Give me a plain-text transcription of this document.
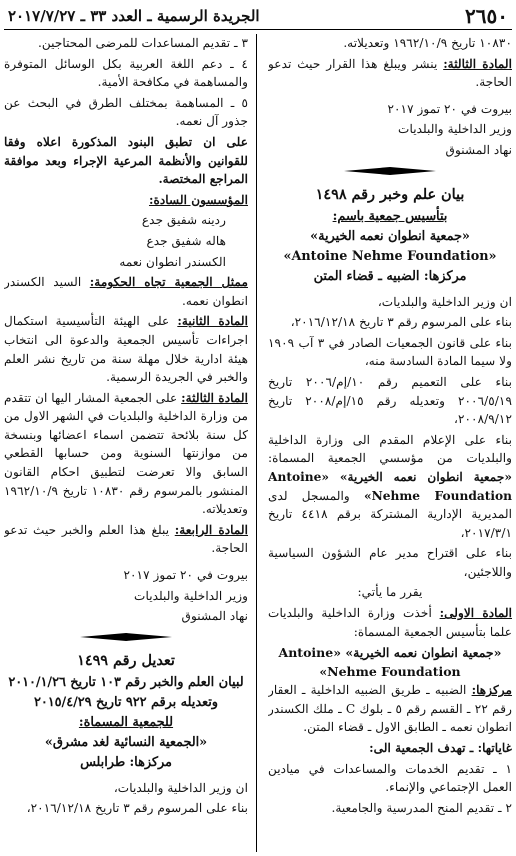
٢٦٥٠
الجريدة الرسمية ـ العدد ٣٣ ـ ٢٠١٧/٧/٢٧

١٠٨٣٠ تاريخ ١٩٦٢/١٠/٩ وتعديلاته.

المادة الثالثة: ينشر ويبلغ هذا القرار حيث تدعو الحاجة.

بيروت في ٢٠ تموز ٢٠١٧

وزير الداخلية والبلديات

نهاد المشنوق

بيان علم وخبر رقم ١٤٩٨
بتأسيس جمعية باسم:
«جمعية انطوان نعمه الخيرية»
«Antoine Nehme Foundation»
مركزها: الضبيه ـ قضاء المتن

ان وزير الداخلية والبلديات،

بناء على المرسوم رقم ٣ تاريخ ٢٠١٦/١٢/١٨،

بناء على قانون الجمعيات الصادر في ٣ آب ١٩٠٩ ولا سيما المادة السادسة منه،

بناء على التعميم رقم ١٠/إم/٢٠٠٦ تاريخ ٢٠٠٦/٥/١٩ وتعديله رقم ١٥/إم/٢٠٠٨ تاريخ ٢٠٠٨/٩/١٢،

بناء على الإعلام المقدم الى وزارة الداخلية والبلديات من مؤسسي الجمعية المسماة: «جمعية انطوان نعمه الخيرية» «Antoine Nehme Foundation» والمسجل لدى المديرية الإدارية المشتركة برقم ٤٤١٨ تاريخ ٢٠١٧/٣/١،

بناء على اقتراح مدير عام الشؤون السياسية واللاجئين،

يقرر ما يأتي:

المادة الاولى: أخذت وزارة الداخلية والبلديات علما بتأسيس الجمعية المسماة:

«جمعية انطوان نعمه الخيرية» «Antoine
Nehme Foundation»

مركزها: الضبيه ـ طريق الضبيه الداخلية ـ العقار رقم ٢٢ ـ القسم رقم ٥ ـ بلوك C ـ ملك الكسندر انطوان نعمه ـ الطابق الاول ـ قضاء المتن.

غاياتها: ـ تهدف الجمعية الى:

١ ـ تقديم الخدمات والمساعدات في ميادين العمل الإجتماعي والإنماء.

٢ ـ تقديم المنح المدرسية والجامعية.

٣ ـ تقديم المساعدات للمرضى المحتاجين.

٤ ـ دعم اللغة العربية بكل الوسائل المتوفرة والمساهمة في مكافحة الأمية.

٥ ـ المساهمة بمختلف الطرق في البحث عن جذور آل نعمه.

على ان تطبق البنود المذكورة اعلاه وفقا للقوانين والأنظمة المرعية الإجراء وبعد موافقة المراجع المختصة.

المؤسسون السادة:

ردينه شفيق جدع

هاله شفيق جدع

الكسندر انطوان نعمه

ممثل الجمعية تجاه الحكومة: السيد الكسندر انطوان نعمه.

المادة الثانية: على الهيئة التأسيسية استكمال اجراءات تأسيس الجمعية والدعوة الى انتخاب هيئة ادارية خلال مهلة سنة من تاريخ نشر العلم والخبر في الجريدة الرسمية.

المادة الثالثة: على الجمعية المشار اليها ان تتقدم من وزارة الداخلية والبلديات في الشهر الاول من كل سنة بلائحة تتضمن اسماء اعضائها وبنسخة من موازنتها السنوية ومن حسابها القطعي السابق والا تعرضت لتطبيق احكام القانون المنشور بالمرسوم رقم ١٠٨٣٠ تاريخ ١٩٦٢/١٠/٩ وتعديلاته.

المادة الرابعة: يبلغ هذا العلم والخبر حيث تدعو الحاجة.

بيروت في ٢٠ تموز ٢٠١٧

وزير الداخلية والبلديات

نهاد المشنوق

تعديل رقم ١٤٩٩
لبيان العلم والخبر رقم ١٠٣ تاريخ ٢٠١٠/١/٢٦
وتعديله برقم ٩٢٢ تاريخ ٢٠١٥/٤/٢٩
للجمعية المسماة:
«الجمعية النسائية لغد مشرق»
مركزها: طرابلس

ان وزير الداخلية والبلديات،

بناء على المرسوم رقم ٣ تاريخ ٢٠١٦/١٢/١٨،
